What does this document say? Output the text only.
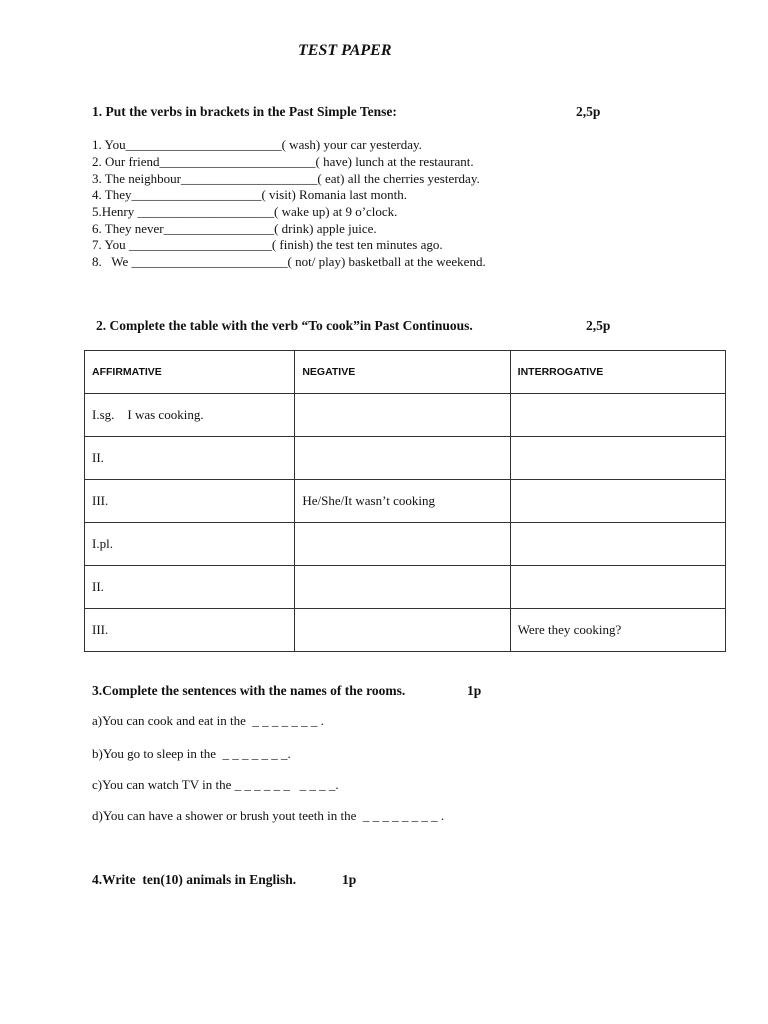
TEST PAPER
1. Put the verbs in brackets in the Past Simple Tense:	2,5p
1. You________________________( wash) your car yesterday.
2. Our friend________________________( have) lunch at the restaurant.
3. The neighbour_____________________( eat) all the cherries yesterday.
4. They____________________( visit) Romania last month.
5.Henry _____________________( wake up) at 9 o’clock.
6. They never_________________( drink) apple juice.
7. You ______________________( finish) the test ten minutes ago.
8.   We ________________________( not/ play) basketball at the weekend.
2. Complete the table with the verb “To cook”in Past Continuous.	2,5p
AFFIRMATIVE	NEGATIVE	INTERROGATIVE
I.sg.    I was cooking.		
II.		
III.	He/She/It wasn’t cooking	
I.pl.		
II.		
III.		Were they cooking?
3.Complete the sentences with the names of the rooms.	1p
a)You can cook and eat in the  _ _ _ _ _ _ _ .
b)You go to sleep in the  _ _ _ _ _ _ _.
c)You can watch TV in the _ _ _ _ _ _   _ _ _ _.
d)You can have a shower or brush yout teeth in the  _ _ _ _ _ _ _ _ .
4.Write  ten(10) animals in English.	1p
